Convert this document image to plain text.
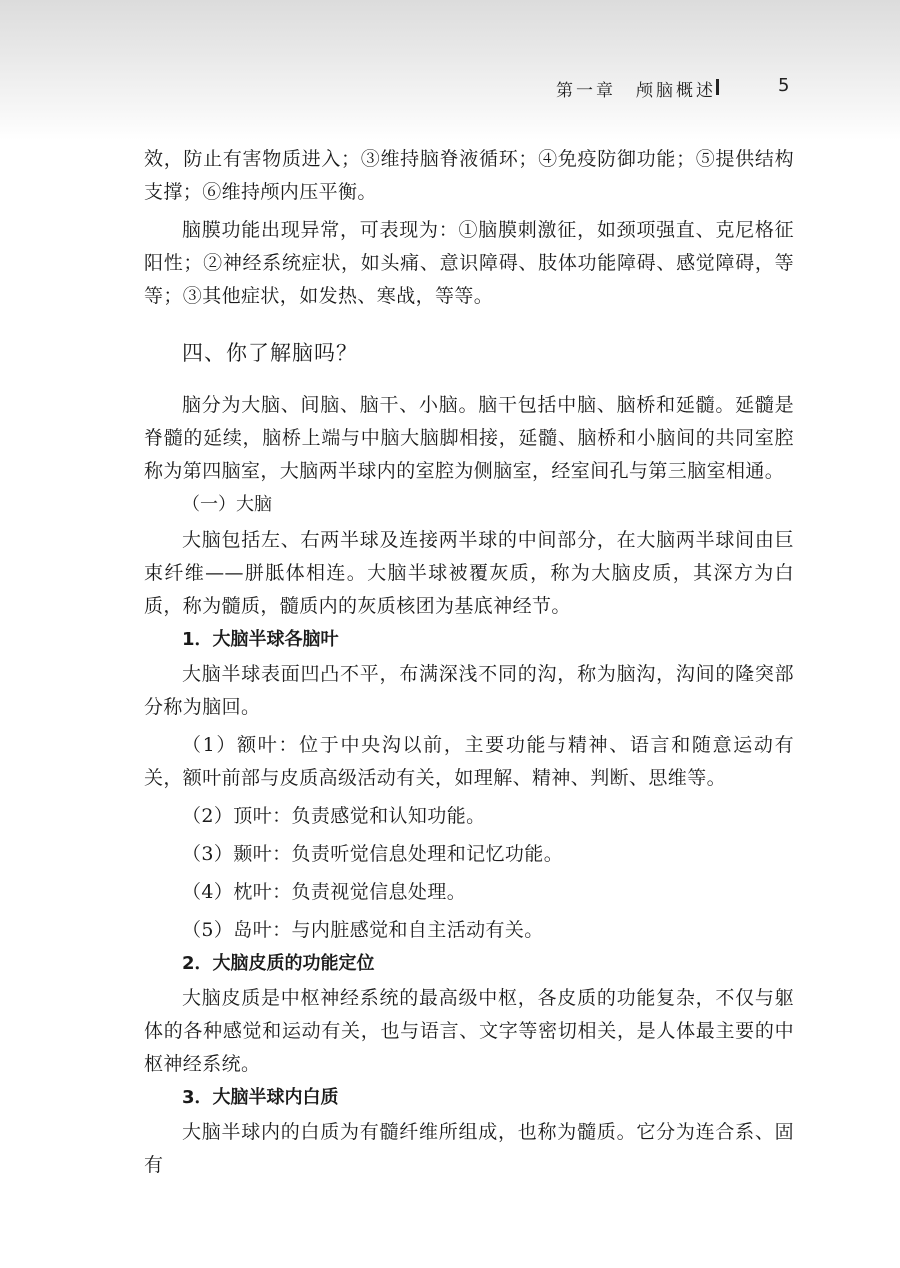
第一章　颅脑概述	5

效，防止有害物质进入；③维持脑脊液循环；④免疫防御功能；⑤提供结构支撑；⑥维持颅内压平衡。

脑膜功能出现异常，可表现为：①脑膜刺激征，如颈项强直、克尼格征阳性；②神经系统症状，如头痛、意识障碍、肢体功能障碍、感觉障碍，等等；③其他症状，如发热、寒战，等等。

四、你了解脑吗？

脑分为大脑、间脑、脑干、小脑。脑干包括中脑、脑桥和延髓。延髓是脊髓的延续，脑桥上端与中脑大脑脚相接，延髓、脑桥和小脑间的共同室腔称为第四脑室，大脑两半球内的室腔为侧脑室，经室间孔与第三脑室相通。

（一）大脑

大脑包括左、右两半球及连接两半球的中间部分，在大脑两半球间由巨束纤维——胼胝体相连。大脑半球被覆灰质，称为大脑皮质，其深方为白质，称为髓质，髓质内的灰质核团为基底神经节。

1．大脑半球各脑叶

大脑半球表面凹凸不平，布满深浅不同的沟，称为脑沟，沟间的隆突部分称为脑回。

（1）额叶：位于中央沟以前，主要功能与精神、语言和随意运动有关，额叶前部与皮质高级活动有关，如理解、精神、判断、思维等。

（2）顶叶：负责感觉和认知功能。

（3）颞叶：负责听觉信息处理和记忆功能。

（4）枕叶：负责视觉信息处理。

（5）岛叶：与内脏感觉和自主活动有关。

2．大脑皮质的功能定位

大脑皮质是中枢神经系统的最高级中枢，各皮质的功能复杂，不仅与躯体的各种感觉和运动有关，也与语言、文字等密切相关，是人体最主要的中枢神经系统。

3．大脑半球内白质

大脑半球内的白质为有髓纤维所组成，也称为髓质。它分为连合系、固有
